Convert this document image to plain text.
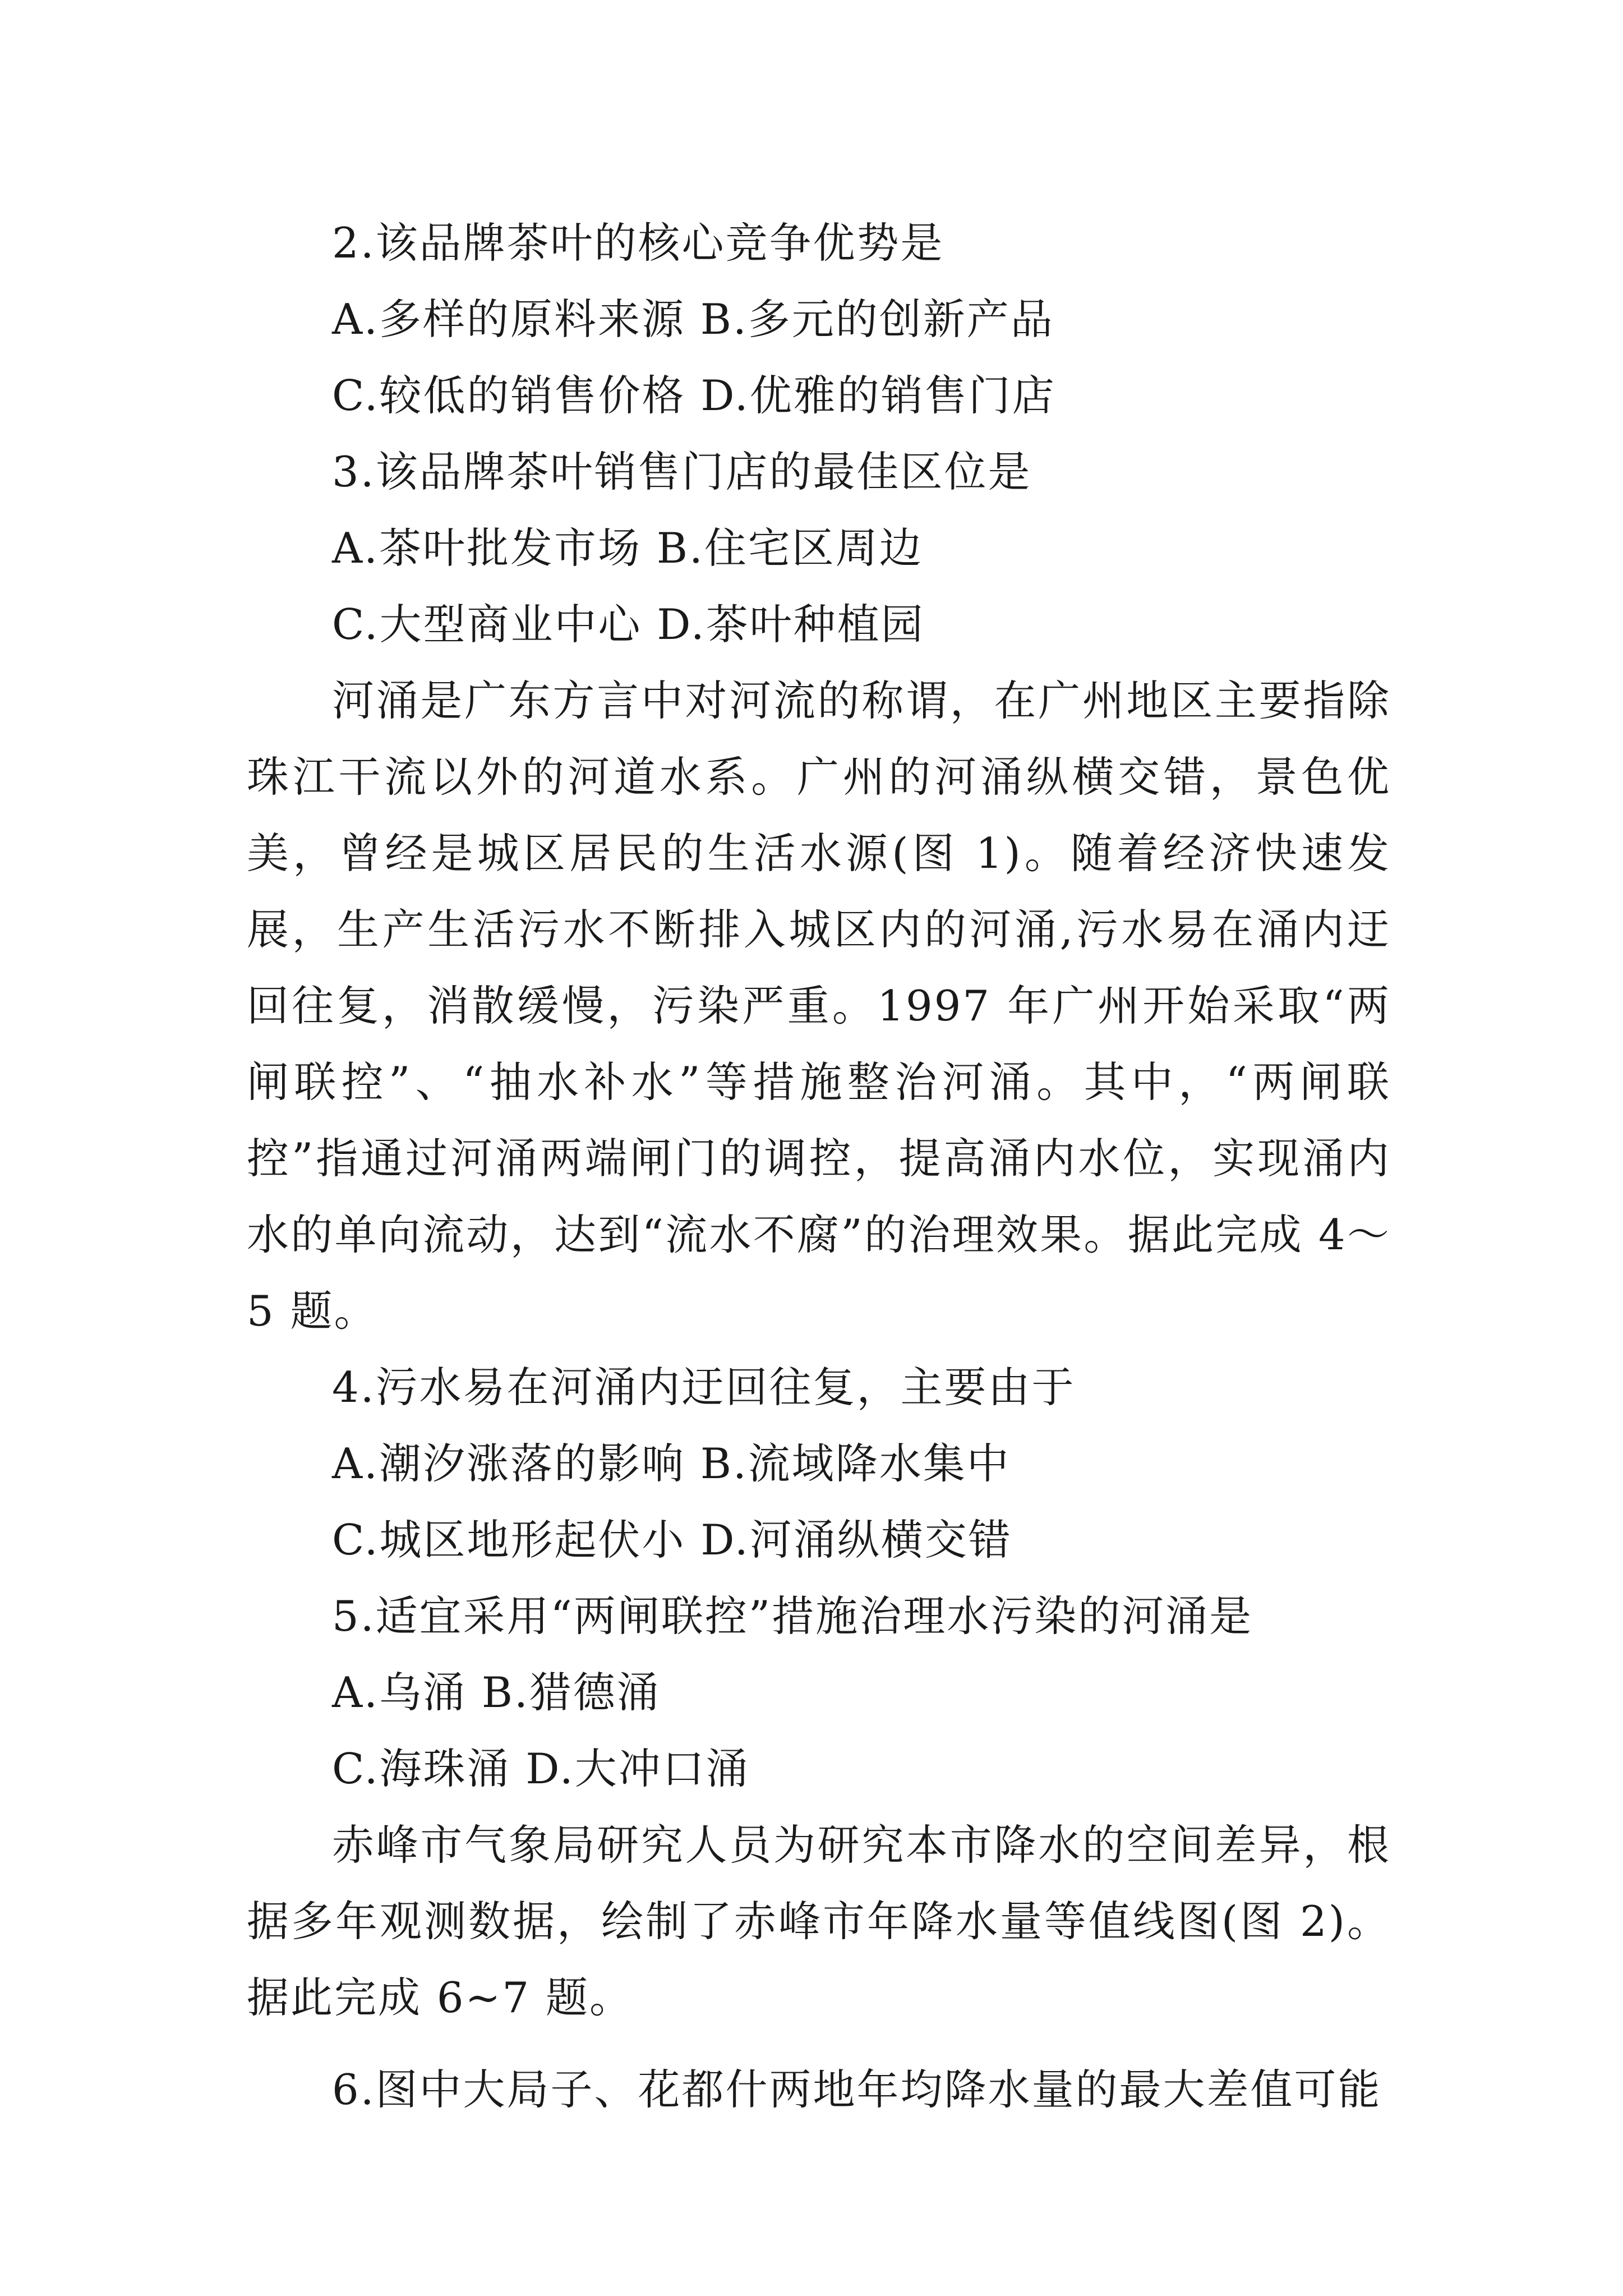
2.该品牌茶叶的核心竞争优势是
A.多样的原料来源 B.多元的创新产品
C.较低的销售价格 D.优雅的销售门店
3.该品牌茶叶销售门店的最佳区位是
A.茶叶批发市场 B.住宅区周边
C.大型商业中心 D.茶叶种植园

河涌是广东方言中对河流的称谓，在广州地区主要指除珠江干流以外的河道水系。广州的河涌纵横交错，景色优美，曾经是城区居民的生活水源(图 1)。随着经济快速发展，生产生活污水不断排入城区内的河涌,污水易在涌内迂回往复，消散缓慢，污染严重。1997 年广州开始采取“两闸联控”、“抽水补水”等措施整治河涌。其中，“两闸联控”指通过河涌两端闸门的调控，提高涌内水位，实现涌内水的单向流动，达到“流水不腐”的治理效果。据此完成 4～5 题。

4.污水易在河涌内迂回往复，主要由于
A.潮汐涨落的影响 B.流域降水集中
C.城区地形起伏小 D.河涌纵横交错
5.适宜采用“两闸联控”措施治理水污染的河涌是
A.乌涌 B.猎德涌
C.海珠涌 D.大冲口涌

赤峰市气象局研究人员为研究本市降水的空间差异，根据多年观测数据，绘制了赤峰市年降水量等值线图(图 2)。据此完成 6~7 题。

6.图中大局子、花都什两地年均降水量的最大差值可能
